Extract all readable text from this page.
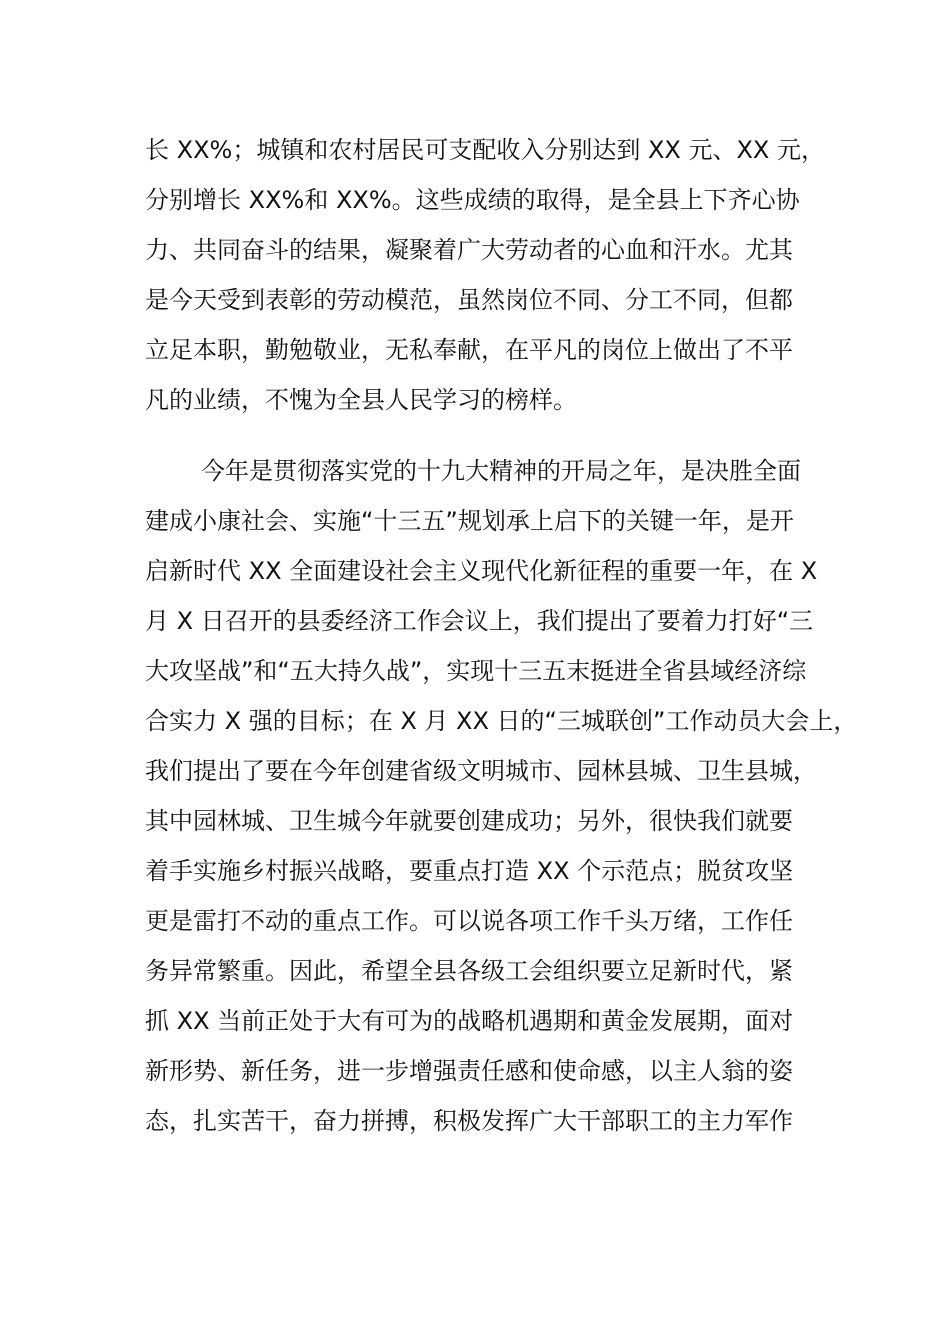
长 XX%；城镇和农村居民可支配收入分别达到 XX 元、XX 元，
分别增长 XX%和 XX%。这些成绩的取得，是全县上下齐心协
力、共同奋斗的结果，凝聚着广大劳动者的心血和汗水。尤其
是今天受到表彰的劳动模范，虽然岗位不同、分工不同，但都
立足本职，勤勉敬业，无私奉献，在平凡的岗位上做出了不平
凡的业绩，不愧为全县人民学习的榜样。
今年是贯彻落实党的十九大精神的开局之年，是决胜全面
建成小康社会、实施“十三五”规划承上启下的关键一年，是开
启新时代 XX 全面建设社会主义现代化新征程的重要一年，在 X
月 X 日召开的县委经济工作会议上，我们提出了要着力打好“三
大攻坚战”和“五大持久战”，实现十三五末挺进全省县域经济综
合实力 X 强的目标；在 X 月 XX 日的“三城联创”工作动员大会上，
我们提出了要在今年创建省级文明城市、园林县城、卫生县城，
其中园林城、卫生城今年就要创建成功；另外，很快我们就要
着手实施乡村振兴战略，要重点打造 XX 个示范点；脱贫攻坚
更是雷打不动的重点工作。可以说各项工作千头万绪，工作任
务异常繁重。因此，希望全县各级工会组织要立足新时代，紧
抓 XX 当前正处于大有可为的战略机遇期和黄金发展期，面对
新形势、新任务，进一步增强责任感和使命感，以主人翁的姿
态，扎实苦干，奋力拼搏，积极发挥广大干部职工的主力军作
